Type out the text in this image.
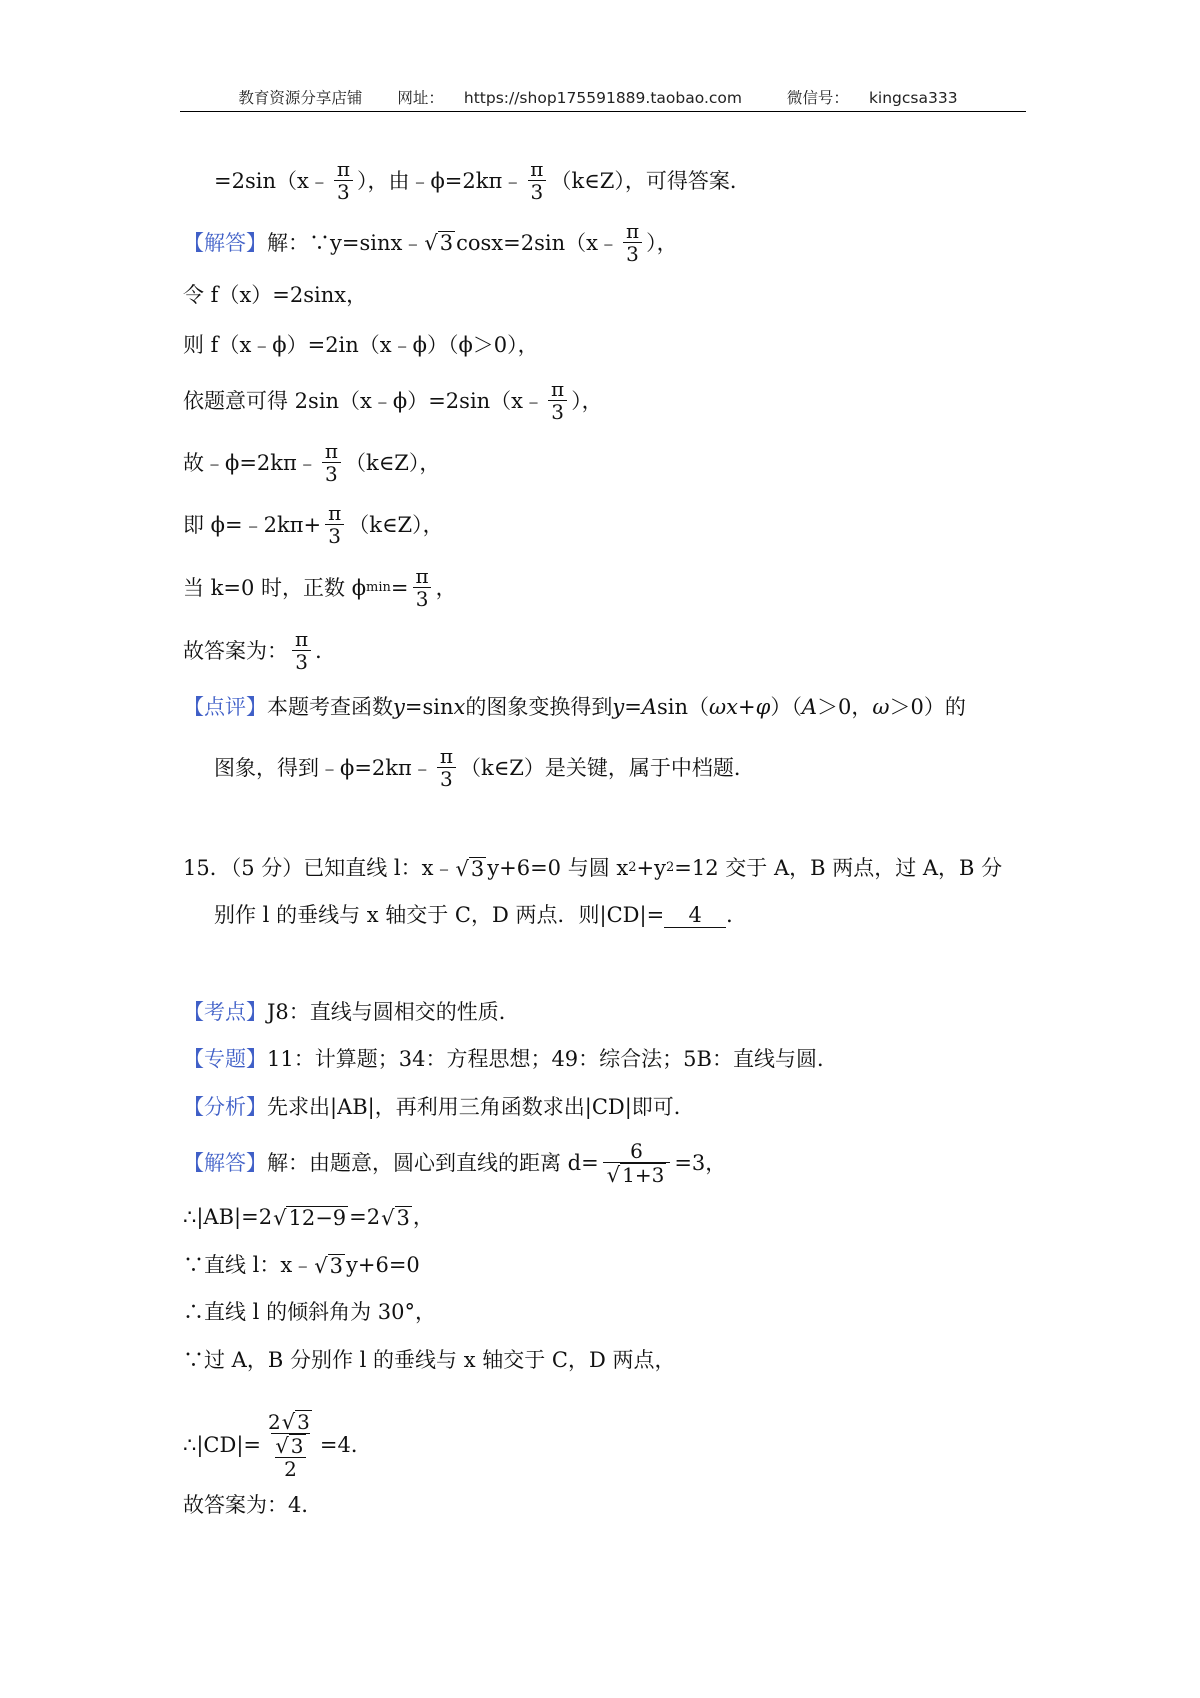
教育资源分享店铺 网址： https://shop175591889.taobao.com	微信号： kingcsa333
=2sin（x﹣ $\frac{\pi}{3}$ ），由﹣ϕ=2kπ﹣ $\frac{\pi}{3}$ （k∈Z），可得答案．
【解答】 解：∵y=sinx﹣ √ 3 cosx=2sin（x﹣ $\frac{\pi}{3}$ ），
令 f（x）=2sinx，
则 f（x﹣ϕ）=2in（x﹣ϕ）（ϕ＞0），
依题意可得 2sin（x﹣ϕ）=2sin（x﹣ $\frac{\pi}{3}$ ），
故﹣ϕ=2kπ﹣ $\frac{\pi}{3}$ （k∈Z），
即 ϕ=﹣2kπ+ $\frac{\pi}{3}$ （k∈Z），
当 k=0 时，正数 ϕ $\min = \frac{\pi}{3}$ ，
故答案为： $\frac{\pi}{3}$ ．
【点评】 本题考查函数 y =sin x 的图象变换得到 y = A sin（ ωx + φ ）（ A ＞0， ω ＞0）的
图象，得到﹣ϕ=2kπ﹣ $\frac{\pi}{3}$ （k∈Z）是关键，属于中档题．
15．（5 分）已知直线 l：x﹣ √ 3 y+6=0 与圆 x 2 +y 2 =12 交于 A，B 两点，过 A，B 分
别作 l 的垂线与 x 轴交于 C，D 两点．则|CD|=	4	．
【考点】 J8：直线与圆相交的性质．
【专题】 11：计算题；34：方程思想；49：综合法；5B：直线与圆．
【分析】 先求出|AB|，再利用三角函数求出|CD|即可．
【解答】 解：由题意，圆心到直线的距离 $d= \frac{6}{√ 1+3} =3$，
∴|AB|=2 √ 12−9 =2 √ 3 ，
∵直线 l：x﹣ √ 3 y+6=0
∴直线 l 的倾斜角为 30°，
∵过 A，B 分别作 l 的垂线与 x 轴交于 C，D 两点，
∴|CD|= 2 √ 3
√ 3
2 =4．
故答案为：4．
